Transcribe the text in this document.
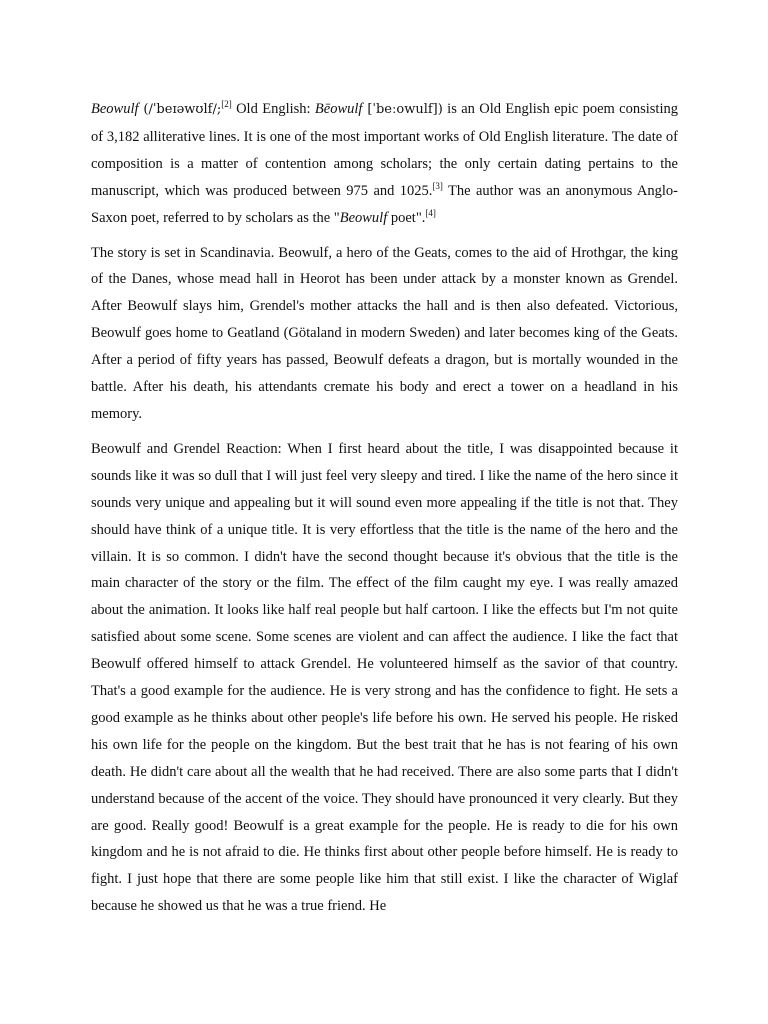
Beowulf (/ˈbeɪəwʊlf/;[2] Old English: Bēowulf [ˈbeːowulf]) is an Old English epic poem consisting of 3,182 alliterative lines. It is one of the most important works of Old English literature. The date of composition is a matter of contention among scholars; the only certain dating pertains to the manuscript, which was produced between 975 and 1025.[3] The author was an anonymous Anglo-Saxon poet, referred to by scholars as the "Beowulf poet".[4]

The story is set in Scandinavia. Beowulf, a hero of the Geats, comes to the aid of Hrothgar, the king of the Danes, whose mead hall in Heorot has been under attack by a monster known as Grendel. After Beowulf slays him, Grendel's mother attacks the hall and is then also defeated. Victorious, Beowulf goes home to Geatland (Götaland in modern Sweden) and later becomes king of the Geats. After a period of fifty years has passed, Beowulf defeats a dragon, but is mortally wounded in the battle. After his death, his attendants cremate his body and erect a tower on a headland in his memory.

Beowulf and Grendel Reaction: When I first heard about the title, I was disappointed because it sounds like it was so dull that I will just feel very sleepy and tired. I like the name of the hero since it sounds very unique and appealing but it will sound even more appealing if the title is not that. They should have think of a unique title. It is very effortless that the title is the name of the hero and the villain. It is so common. I didn't have the second thought because it's obvious that the title is the main character of the story or the film. The effect of the film caught my eye. I was really amazed about the animation. It looks like half real people but half cartoon. I like the effects but I'm not quite satisfied about some scene. Some scenes are violent and can affect the audience. I like the fact that Beowulf offered himself to attack Grendel. He volunteered himself as the savior of that country. That's a good example for the audience. He is very strong and has the confidence to fight. He sets a good example as he thinks about other people's life before his own. He served his people. He risked his own life for the people on the kingdom. But the best trait that he has is not fearing of his own death. He didn't care about all the wealth that he had received. There are also some parts that I didn't understand because of the accent of the voice. They should have pronounced it very clearly. But they are good. Really good! Beowulf is a great example for the people. He is ready to die for his own kingdom and he is not afraid to die. He thinks first about other people before himself. He is ready to fight. I just hope that there are some people like him that still exist. I like the character of Wiglaf because he showed us that he was a true friend. He
